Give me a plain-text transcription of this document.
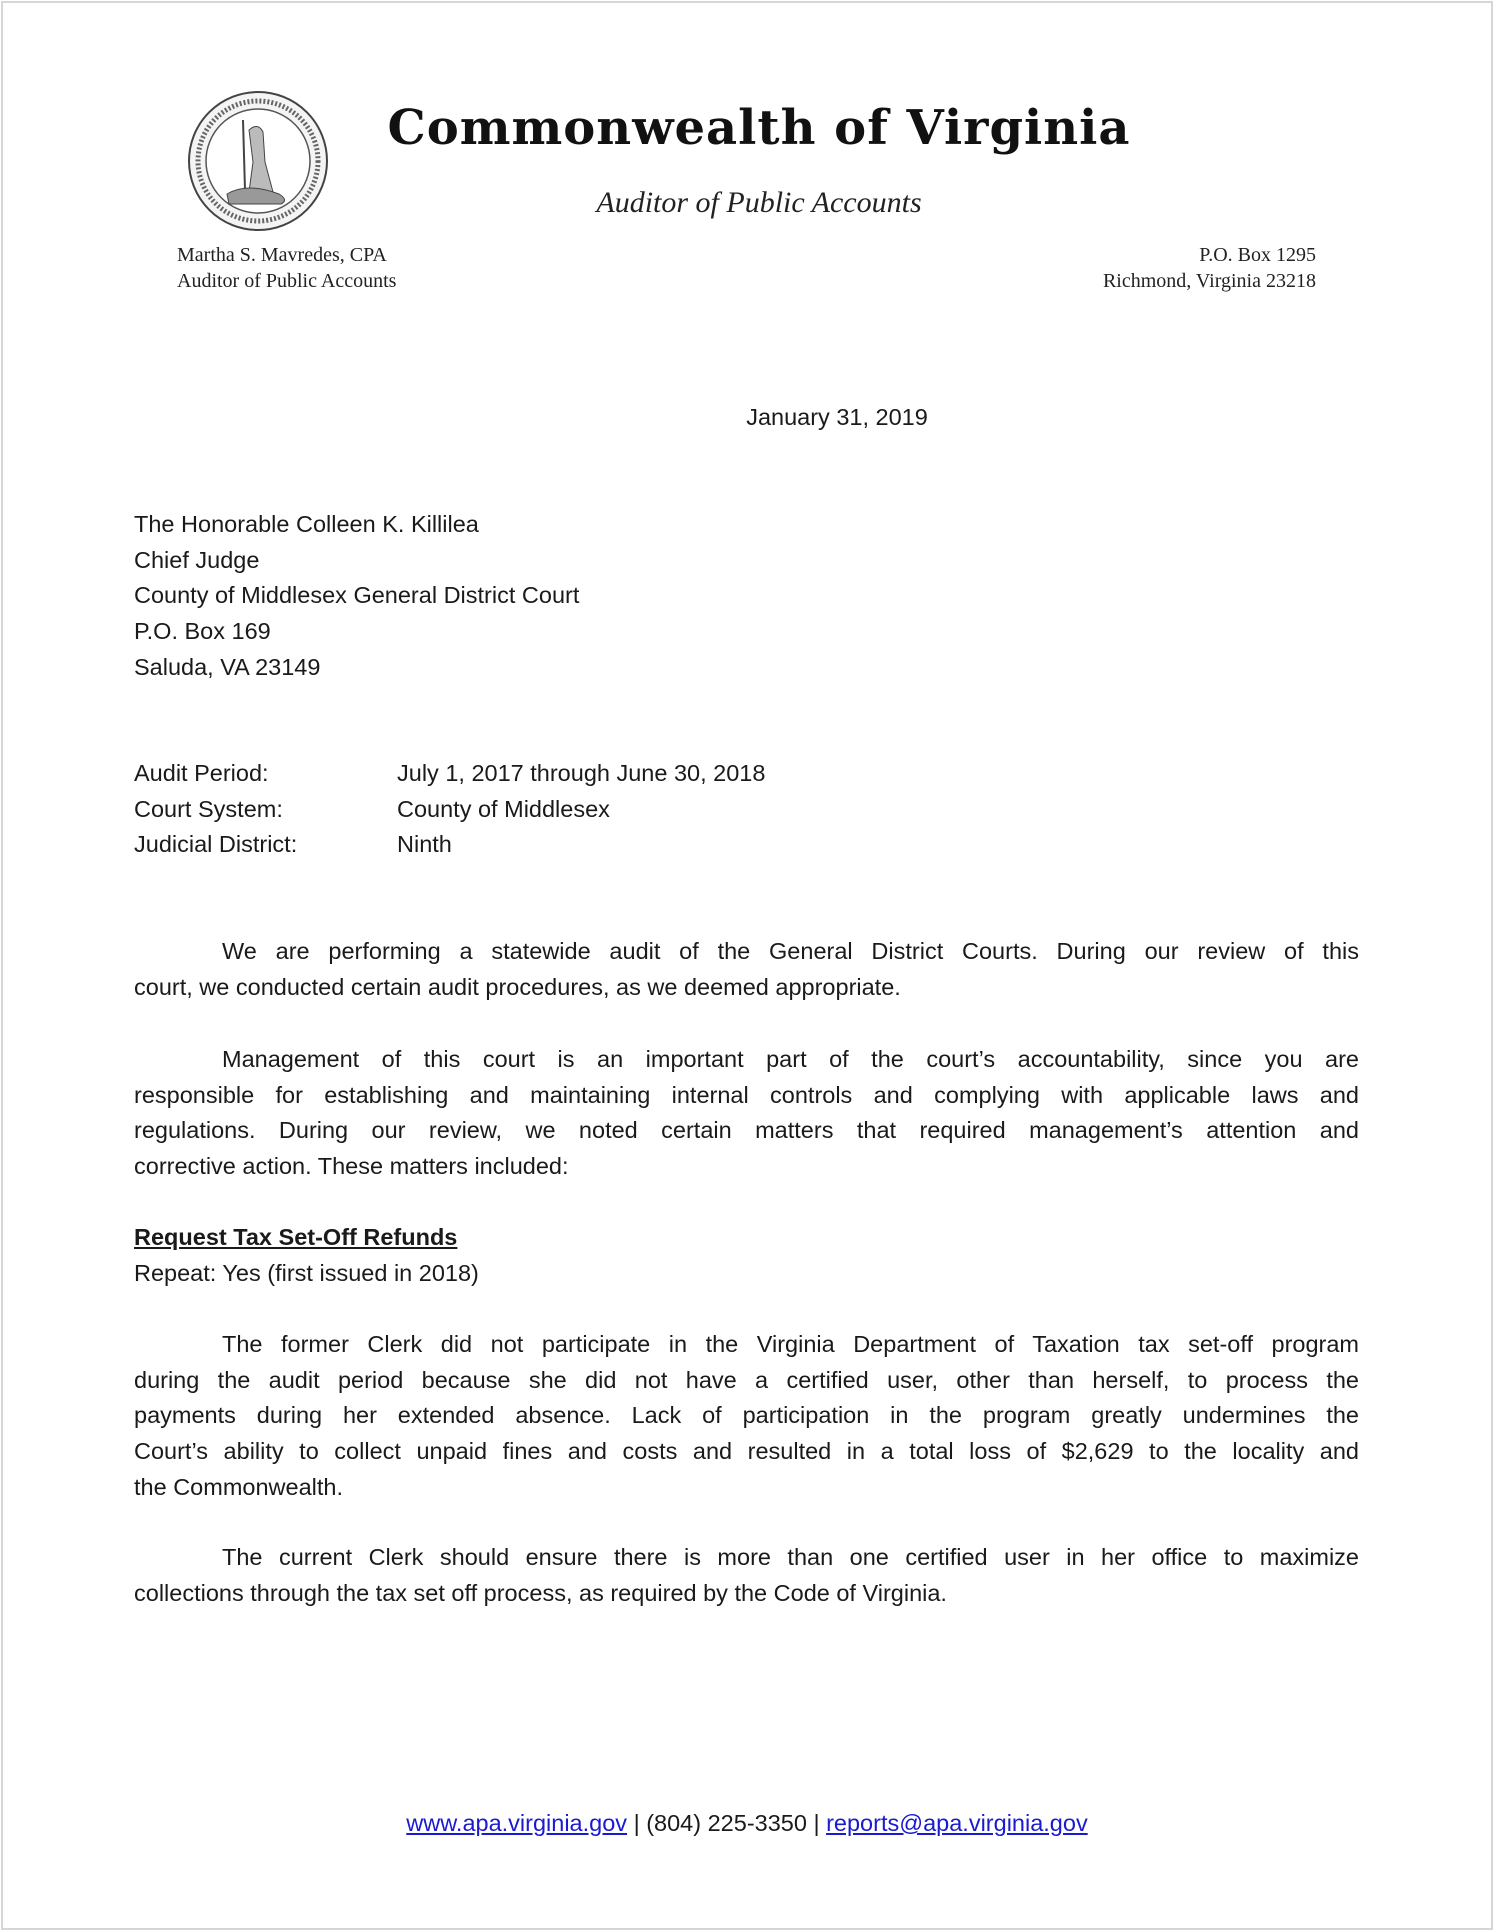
Commonwealth of Virginia
Auditor of Public Accounts
Martha S. Mavredes, CPA
Auditor of Public Accounts
P.O. Box 1295
Richmond, Virginia 23218
January 31, 2019
The Honorable Colleen K. Killilea
Chief Judge
County of Middlesex General District Court
P.O. Box 169
Saluda, VA 23149
Audit Period:	July 1, 2017 through June 30, 2018
Court System:	County of Middlesex
Judicial District:	Ninth
We are performing a statewide audit of the General District Courts. During our review of this
court, we conducted certain audit procedures, as we deemed appropriate.
Management of this court is an important part of the court’s accountability, since you are
responsible for establishing and maintaining internal controls and complying with applicable laws and
regulations. During our review, we noted certain matters that required management’s attention and
corrective action. These matters included:
Request Tax Set-Off Refunds
Repeat: Yes (first issued in 2018)
The former Clerk did not participate in the Virginia Department of Taxation tax set-off program
during the audit period because she did not have a certified user, other than herself, to process the
payments during her extended absence. Lack of participation in the program greatly undermines the
Court’s ability to collect unpaid fines and costs and resulted in a total loss of $2,629 to the locality and
the Commonwealth.
The current Clerk should ensure there is more than one certified user in her office to maximize
collections through the tax set off process, as required by the Code of Virginia.
www.apa.virginia.gov | (804) 225-3350 | reports@apa.virginia.gov
